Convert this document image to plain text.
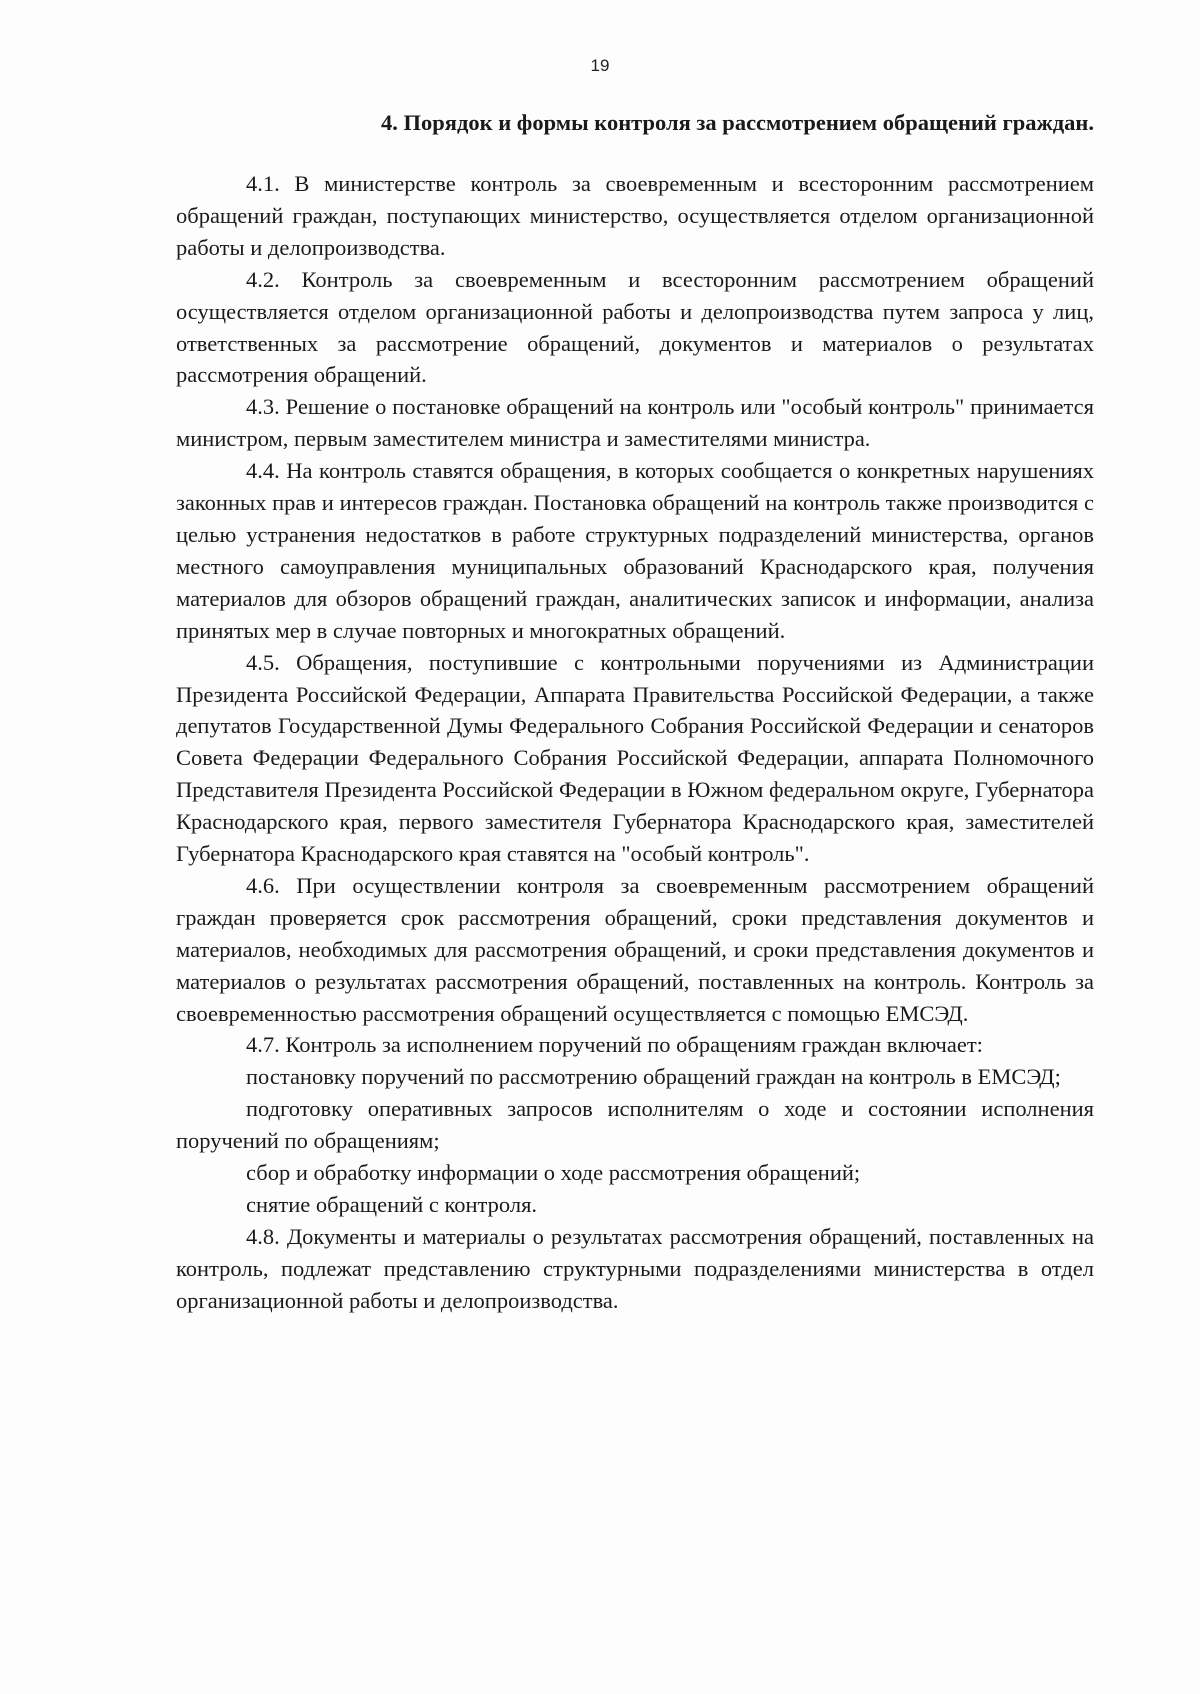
19
4. Порядок и формы контроля за рассмотрением обращений граждан.

4.1. В министерстве контроль за своевременным и всесторонним рассмотрением обращений граждан, поступающих министерство, осуществляется отделом организационной работы и делопроизводства.

4.2. Контроль за своевременным и всесторонним рассмотрением обращений осуществляется отделом организационной работы и делопроизводства путем запроса у лиц, ответственных за рассмотрение обращений, документов и материалов о результатах рассмотрения обращений.

4.3. Решение о постановке обращений на контроль или "особый контроль" принимается министром, первым заместителем министра и заместителями министра.

4.4. На контроль ставятся обращения, в которых сообщается о конкретных нарушениях законных прав и интересов граждан. Постановка обращений на контроль также производится с целью устранения недостатков в работе структурных подразделений министерства, органов местного самоуправления муниципальных образований Краснодарского края, получения материалов для обзоров обращений граждан, аналитических записок и информации, анализа принятых мер в случае повторных и многократных обращений.

4.5. Обращения, поступившие с контрольными поручениями из Администрации Президента Российской Федерации, Аппарата Правительства Российской Федерации, а также депутатов Государственной Думы Федерального Собрания Российской Федерации и сенаторов Совета Федерации Федерального Собрания Российской Федерации, аппарата Полномочного Представителя Президента Российской Федерации в Южном федеральном округе, Губернатора Краснодарского края, первого заместителя Губернатора Краснодарского края, заместителей Губернатора Краснодарского края ставятся на "особый контроль".

4.6. При осуществлении контроля за своевременным рассмотрением обращений граждан проверяется срок рассмотрения обращений, сроки представления документов и материалов, необходимых для рассмотрения обращений, и сроки представления документов и материалов о результатах рассмотрения обращений, поставленных на контроль. Контроль за своевременностью рассмотрения обращений осуществляется с помощью ЕМСЭД.

4.7. Контроль за исполнением поручений по обращениям граждан включает:

постановку поручений по рассмотрению обращений граждан на контроль в ЕМСЭД;

подготовку оперативных запросов исполнителям о ходе и состоянии исполнения поручений по обращениям;

сбор и обработку информации о ходе рассмотрения обращений;

снятие обращений с контроля.

4.8. Документы и материалы о результатах рассмотрения обращений, поставленных на контроль, подлежат представлению структурными подразделениями министерства в отдел организационной работы и делопроизводства.
